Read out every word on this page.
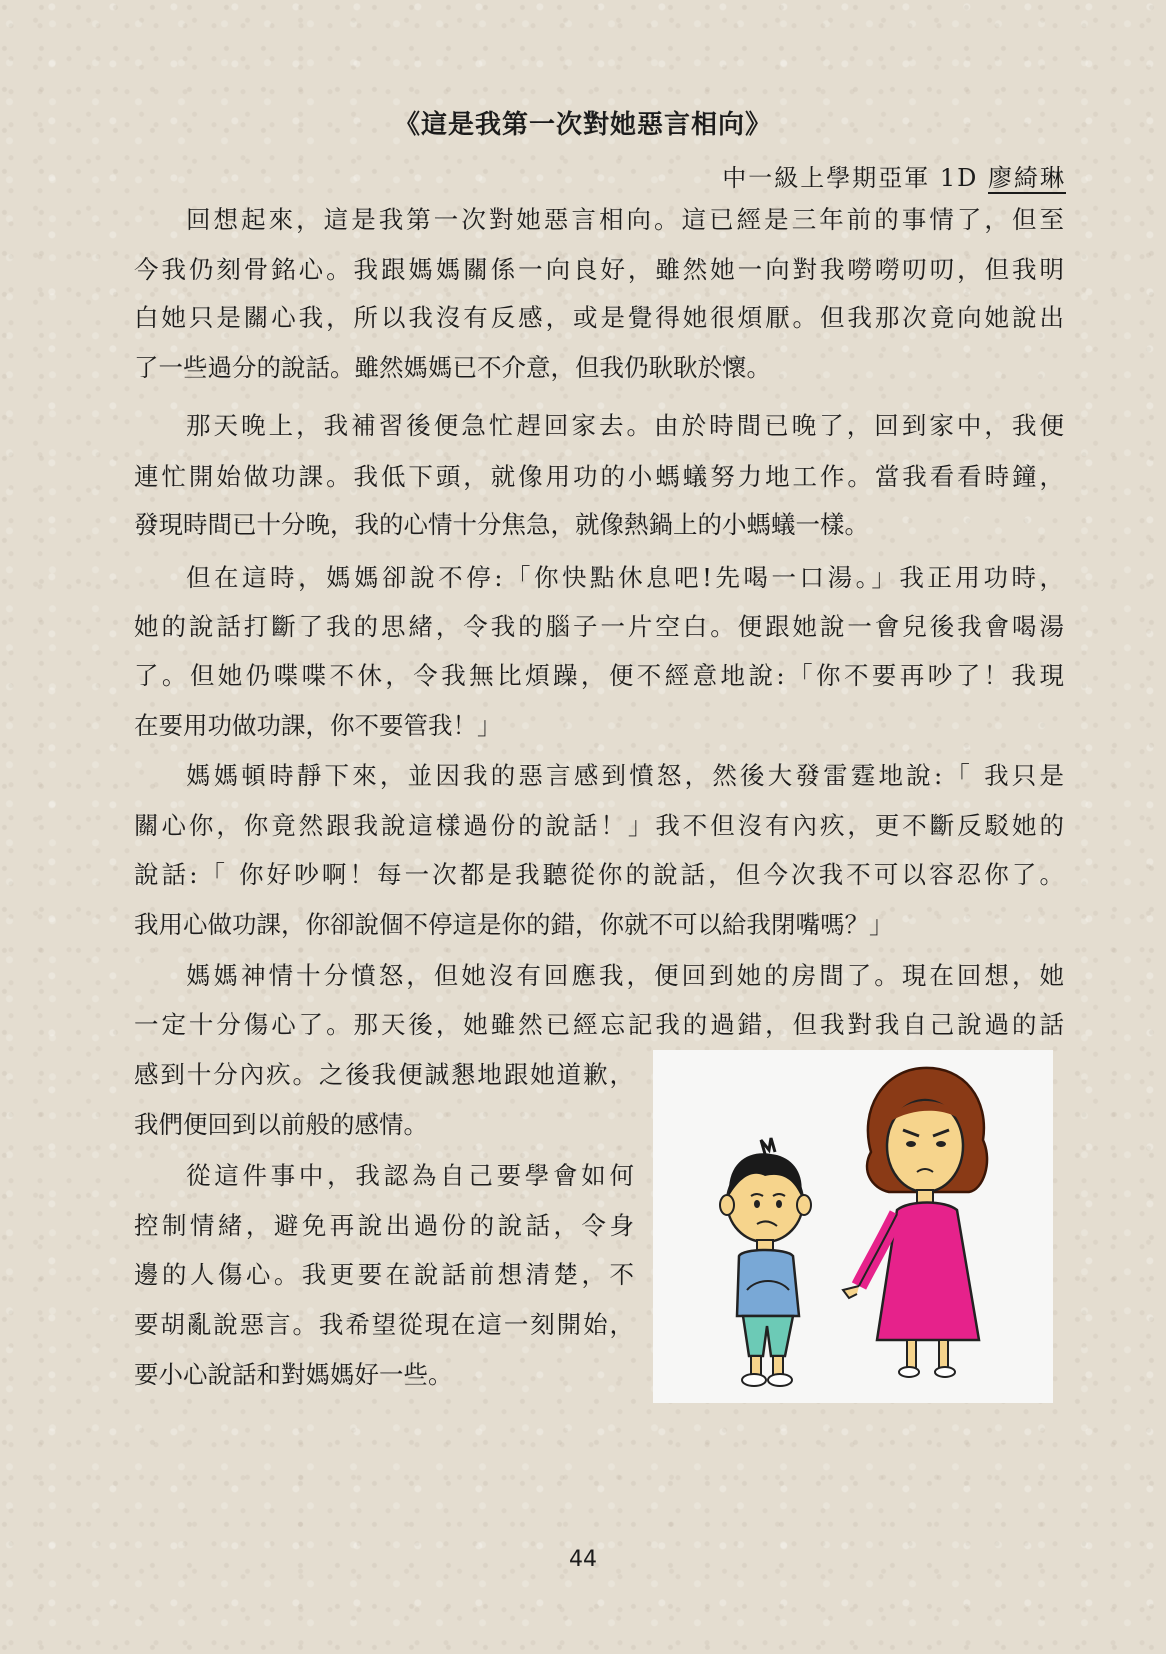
《這是我第一次對她惡言相向》
中一級上學期亞軍 1D 廖綺琳
回想起來，這是我第一次對她惡言相向。這已經是三年前的事情了，但至
今我仍刻骨銘心。我跟媽媽關係一向良好，雖然她一向對我嘮嘮叨叨，但我明
白她只是關心我，所以我沒有反感，或是覺得她很煩厭。但我那次竟向她說出
了一些過分的說話。雖然媽媽已不介意，但我仍耿耿於懷。
那天晚上，我補習後便急忙趕回家去。由於時間已晚了，回到家中，我便
連忙開始做功課。我低下頭，就像用功的小螞蟻努力地工作。當我看看時鐘，
發現時間已十分晚，我的心情十分焦急，就像熱鍋上的小螞蟻一樣。
但在這時，媽媽卻說不停:「你快點休息吧!先喝一口湯。」我正用功時，
她的說話打斷了我的思緒，令我的腦子一片空白。便跟她說一會兒後我會喝湯
了。但她仍喋喋不休，令我無比煩躁，便不經意地說:「你不要再吵了！我現
在要用功做功課，你不要管我！」
媽媽頓時靜下來，並因我的惡言感到憤怒，然後大發雷霆地說:「 我只是
關心你，你竟然跟我說這樣過份的說話！」我不但沒有內疚，更不斷反駁她的
說話:「 你好吵啊！每一次都是我聽從你的說話，但今次我不可以容忍你了。
我用心做功課，你卻說個不停這是你的錯，你就不可以給我閉嘴嗎？」
媽媽神情十分憤怒，但她沒有回應我，便回到她的房間了。現在回想，她
一定十分傷心了。那天後，她雖然已經忘記我的過錯，但我對我自己說過的話
感到十分內疚。之後我便誠懇地跟她道歉，
我們便回到以前般的感情。
從這件事中，我認為自己要學會如何
控制情緒，避免再說出過份的說話，令身
邊的人傷心。我更要在說話前想清楚，不
要胡亂說惡言。我希望從現在這一刻開始，
要小心說話和對媽媽好一些。
44
